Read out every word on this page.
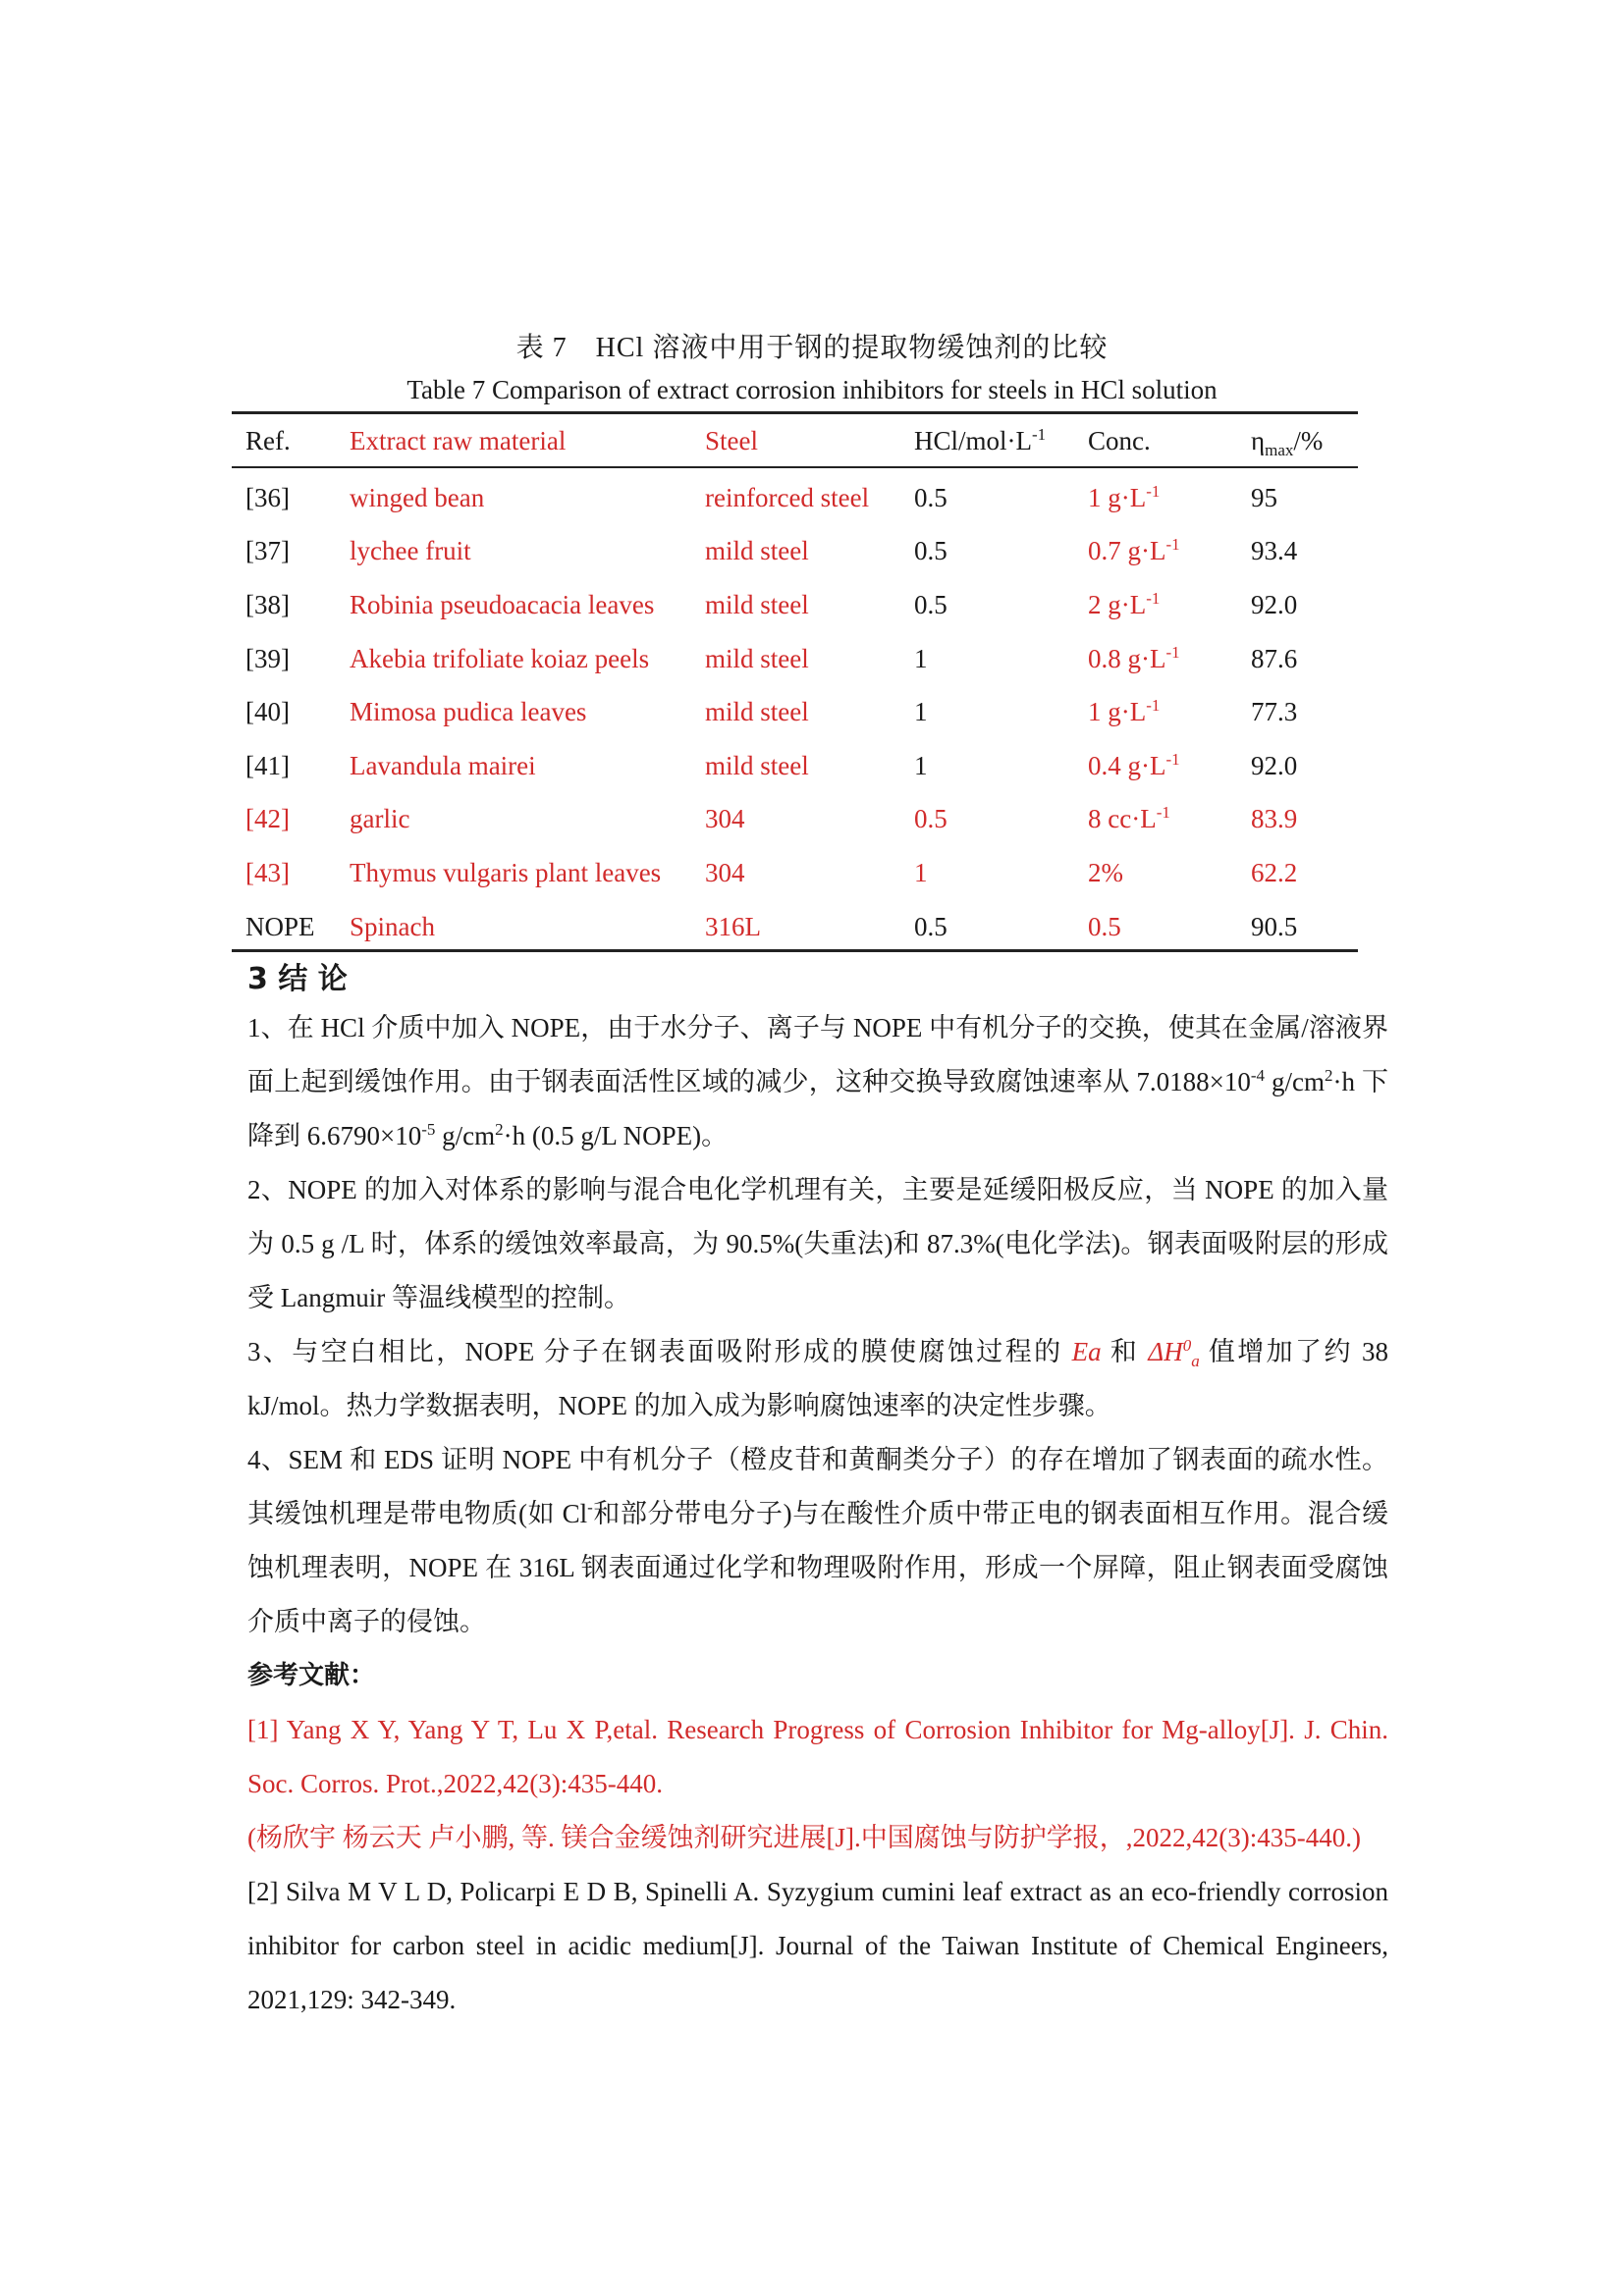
表 7　HCl 溶液中用于钢的提取物缓蚀剂的比较
Table 7 Comparison of extract corrosion inhibitors for steels in HCl solution
Ref.	Extract raw material	Steel	HCl/$mol\cdot L^{-1}$	Conc.	$\eta_{max}/\%$
[36]	winged bean	reinforced steel	0.5	1 $g\cdot L^{-1}$	95
[37]	lychee fruit	mild steel	0.5	0.7 $g\cdot L^{-1}$	93.4
[38]	Robinia pseudoacacia leaves	mild steel	0.5	2 $g\cdot L^{-1}$	92.0
[39]	Akebia trifoliate koiaz peels	mild steel	1	0.8 $g\cdot L^{-1}$	87.6
[40]	Mimosa pudica leaves	mild steel	1	1 $g\cdot L^{-1}$	77.3
[41]	Lavandula mairei	mild steel	1	0.4 $g\cdot L^{-1}$	92.0
[42]	garlic	304	0.5	8 $cc\cdot L^{-1}$	83.9
[43]	Thymus vulgaris plant leaves	304	1	2%	62.2
NOPE	Spinach	316L	0.5	0.5	90.5
3 结 论

1、在 HCl 介质中加入 NOPE，由于水分子、离子与 NOPE 中有机分子的交换，使其在金属/溶液界面上起到缓蚀作用。由于钢表面活性区域的减少，这种交换导致腐蚀速率从 $7.0188\times 10^{-4}$ $g/cm^2\cdot h$ 下降到 $6.6790\times 10^{-5}$ $g/cm^2\cdot h$ (0.5 g/L NOPE)。

2、NOPE 的加入对体系的影响与混合电化学机理有关，主要是延缓阳极反应，当 NOPE 的加入量为 0.5 g /L 时，体系的缓蚀效率最高，为 90.5%(失重法)和 87.3%(电化学法)。钢表面吸附层的形成受 Langmuir 等温线模型的控制。

3、与空白相比，NOPE 分子在钢表面吸附形成的膜使腐蚀过程的 Ea 和 $\Delta H^0_a$ 值增加了约 38 kJ/mol。热力学数据表明，NOPE 的加入成为影响腐蚀速率的决定性步骤。

4、SEM 和 EDS 证明 NOPE 中有机分子（橙皮苷和黄酮类分子）的存在增加了钢表面的疏水性。其缓蚀机理是带电物质(如 Cl-和部分带电分子)与在酸性介质中带正电的钢表面相互作用。混合缓蚀机理表明，NOPE 在 316L 钢表面通过化学和物理吸附作用，形成一个屏障，阻止钢表面受腐蚀介质中离子的侵蚀。

参考文献：

[1] Yang X Y, Yang Y T, Lu X P,etal. Research Progress of Corrosion Inhibitor for Mg-alloy[J]. J. Chin. Soc. Corros. Prot.,2022,42(3):435-440.

(杨欣宇 杨云天 卢小鹏, 等. 镁合金缓蚀剂研究进展[J].中国腐蚀与防护学报，,2022,42(3):435-440.)

[2] Silva M V L D, Policarpi E D B, Spinelli A. Syzygium cumini leaf extract as an eco-friendly corrosion inhibitor for carbon steel in acidic medium[J]. Journal of the Taiwan Institute of Chemical Engineers, 2021,129: 342-349.
